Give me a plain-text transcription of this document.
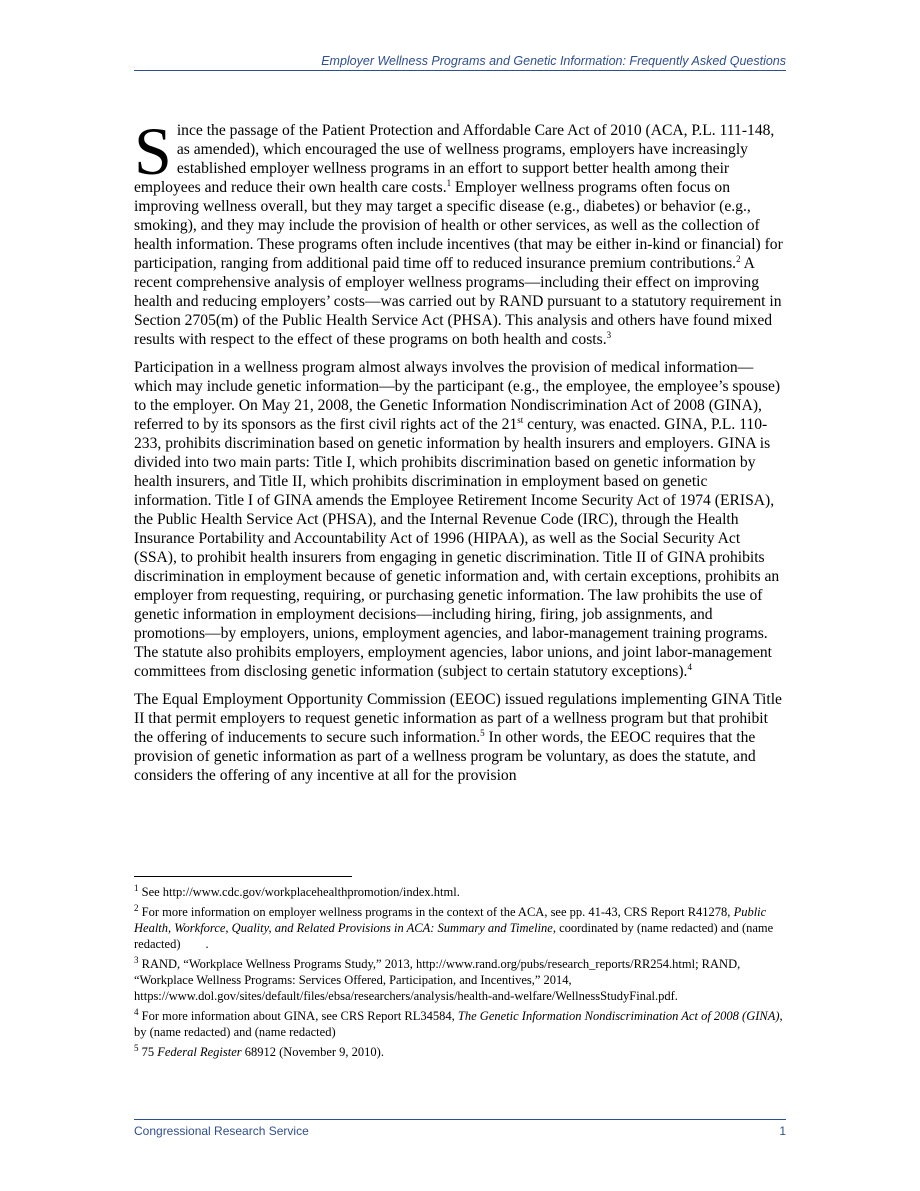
Employer Wellness Programs and Genetic Information: Frequently Asked Questions

Since the passage of the Patient Protection and Affordable Care Act of 2010 (ACA, P.L. 111-148, as amended), which encouraged the use of wellness programs, employers have increasingly established employer wellness programs in an effort to support better health among their employees and reduce their own health care costs.$^1$ Employer wellness programs often focus on improving wellness overall, but they may target a specific disease (e.g., diabetes) or behavior (e.g., smoking), and they may include the provision of health or other services, as well as the collection of health information. These programs often include incentives (that may be either in-kind or financial) for participation, ranging from additional paid time off to reduced insurance premium contributions.$^2$ A recent comprehensive analysis of employer wellness programs—including their effect on improving health and reducing employers’ costs—was carried out by RAND pursuant to a statutory requirement in Section 2705(m) of the Public Health Service Act (PHSA). This analysis and others have found mixed results with respect to the effect of these programs on both health and costs.$^3$

Participation in a wellness program almost always involves the provision of medical information—which may include genetic information—by the participant (e.g., the employee, the employee’s spouse) to the employer. On May 21, 2008, the Genetic Information Nondiscrimination Act of 2008 (GINA), referred to by its sponsors as the first civil rights act of the 21st century, was enacted. GINA, P.L. 110-233, prohibits discrimination based on genetic information by health insurers and employers. GINA is divided into two main parts: Title I, which prohibits discrimination based on genetic information by health insurers, and Title II, which prohibits discrimination in employment based on genetic information. Title I of GINA amends the Employee Retirement Income Security Act of 1974 (ERISA), the Public Health Service Act (PHSA), and the Internal Revenue Code (IRC), through the Health Insurance Portability and Accountability Act of 1996 (HIPAA), as well as the Social Security Act (SSA), to prohibit health insurers from engaging in genetic discrimination. Title II of GINA prohibits discrimination in employment because of genetic information and, with certain exceptions, prohibits an employer from requesting, requiring, or purchasing genetic information. The law prohibits the use of genetic information in employment decisions—including hiring, firing, job assignments, and promotions—by employers, unions, employment agencies, and labor-management training programs. The statute also prohibits employers, employment agencies, labor unions, and joint labor-management committees from disclosing genetic information (subject to certain statutory exceptions).$^4$

The Equal Employment Opportunity Commission (EEOC) issued regulations implementing GINA Title II that permit employers to request genetic information as part of a wellness program but that prohibit the offering of inducements to secure such information.$^5$ In other words, the EEOC requires that the provision of genetic information as part of a wellness program be voluntary, as does the statute, and considers the offering of any incentive at all for the provision

$^1$ See http://www.cdc.gov/workplacehealthpromotion/index.html.

$^2$ For more information on employer wellness programs in the context of the ACA, see pp. 41-43, CRS Report R41278, Public Health, Workforce, Quality, and Related Provisions in ACA: Summary and Timeline, coordinated by (name redacted) and (name redacted)        .

$^3$ RAND, “Workplace Wellness Programs Study,” 2013, http://www.rand.org/pubs/research_reports/RR254.html; RAND, “Workplace Wellness Programs: Services Offered, Participation, and Incentives,” 2014, https://www.dol.gov/sites/default/files/ebsa/researchers/analysis/health-and-welfare/WellnessStudyFinal.pdf.

$^4$ For more information about GINA, see CRS Report RL34584, The Genetic Information Nondiscrimination Act of 2008 (GINA), by (name redacted) and (name redacted)

$^5$ 75 Federal Register 68912 (November 9, 2010).

Congressional Research Service	1
